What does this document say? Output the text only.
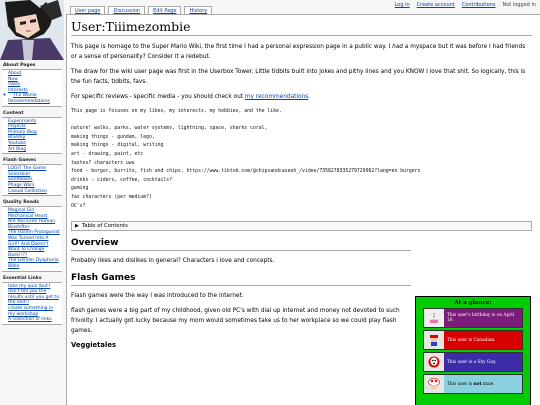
User page	Discussion	Edit Page	History
Log in Create account Contributions Not logged in
About Pages
▪ About
▪ Now
▪ Vibes
▪ Interests
◦ TF2 Worlie
▪ Recommendations
Content
▪ Experiments
▪ Projects
▪ Primary Blog
▪ Bluesky
▪ Youtube
▪ Art Blog
Flash Games
▪ LOGIT The Game
▪ Solorskier
▪ Sandboxes
▪ Phage Wars
▪ Casual Collection
Quality Reads
▪ Magical Girl Mechanical Heart
▪ Are You Even Human
▪ Bioshifter
▪ The Harem Protagonist Was Turned Into A Girl!! And Doesn't Want To Change Back!!??
▪ The Gender Dysphoria Bible
Essential Links
▪ take my quiz (but I don't tell you the results until you get to the end!)
▪ create something in my workshop
▪ A collection of links
User:Tiiimezombie

This page is homage to the Super Mario Wiki, the first time I had a personal expression page in a public way. I had a myspace but it was before I had friends or a sense of personality? Consider it a redebut.

The draw for the wiki user page was first in the Userbox Tower. Little tidbits built into jokes and pithy lines and you KNOW I love that shit. So logically, this is the fun facts, tidbits, favs.

For specific reviews - specific media - you should check out my recommendations.

This page is focuses on my likes, my interests, my hobbies, and the like.

nature! walks, parks, water systems, lightning, space, sharks coral,
making things - gundam, lego,
making things - digital, writing
art - drawing, paint, etc
tastes? characters uwu
food - borgor, burrito, fish and chips, https://www.tiktok.com/@chipsandcaseoh_/video/7358278335279729962?lang=en burgers
drinks - ciders, coffee, cocktails?
gaming
fav characters (per medium?)
OC's?
▶ Table of Contents
Overview

Probably likes and dislikes in general? Characters i love and concepts.

Flash Games

Flash games were the way I was introduced to the internet.

flash games were a big part of my childhood, given old PC's with dial up internet and money not devoted to such frivolity. I actually got lucky because my mom would sometimes take us to her workplace so we could play flash games.

Veggietales
At a glance:
This user's birthday is on April 16.
This user is Canadian.
This user is a Shy Guy.
This user is not male.
